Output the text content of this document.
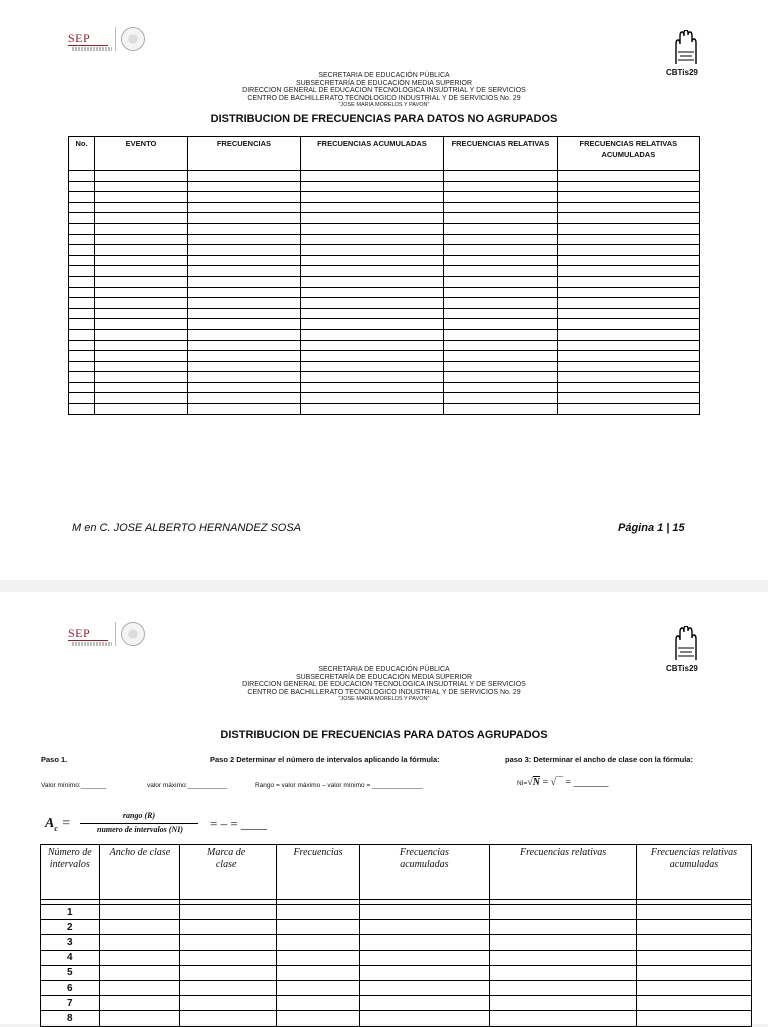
SEP
CBTis29
SECRETARIA DE EDUCACIÓN PÚBLICA
SUBSECRETARÍA DE EDUCACIÓN MEDIA SUPERIOR
DIRECCION GENERAL DE EDUCACION TECNOLOGICA INSUDTRIAL Y DE SERVICIOS
CENTRO DE BACHILLERATO TECNOLOGICO INDUSTRIAL Y DE SERVICIOS No. 29
"JOSE MARIA MORELOS Y PAVON"
DISTRIBUCION DE FRECUENCIAS PARA DATOS NO AGRUPADOS
No.	EVENTO	FRECUENCIAS	FRECUENCIAS ACUMULADAS	FRECUENCIAS RELATIVAS	FRECUENCIAS RELATIVAS ACUMULADAS

M en C. JOSE ALBERTO HERNANDEZ SOSA	Página 1 | 15
SEP
CBTis29
SECRETARIA DE EDUCACIÓN PÚBLICA
SUBSECRETARÍA DE EDUCACIÓN MEDIA SUPERIOR
DIRECCION GENERAL DE EDUCACION TECNOLOGICA INSUDTRIAL Y DE SERVICIOS
CENTRO DE BACHILLERATO TECNOLOGICO INDUSTRIAL Y DE SERVICIOS No. 29
"JOSE MARIA MORELOS Y PAVON"
DISTRIBUCION DE FRECUENCIAS PARA DATOS AGRUPADOS
Paso 1.	Paso 2 Determinar el número de intervalos aplicando la fórmula:	paso 3: Determinar el ancho de clase con la fórmula:
Valor mínimo:_______	valor máximo:___________	Rango = valor máximo – valor mínimo = ______________	NI=√N = √‾‾ = _______
$A_c$ =
rango (R)
numero de intervalos (NI)	= ‒ = ____
Número de intervalos	Ancho de clase	Marca de clase	Frecuencias	Frecuencias acumuladas	Frecuencias relativas	Frecuencias relativas acumuladas

1						
2						
3						
4						
5						
6						
7						
8						
